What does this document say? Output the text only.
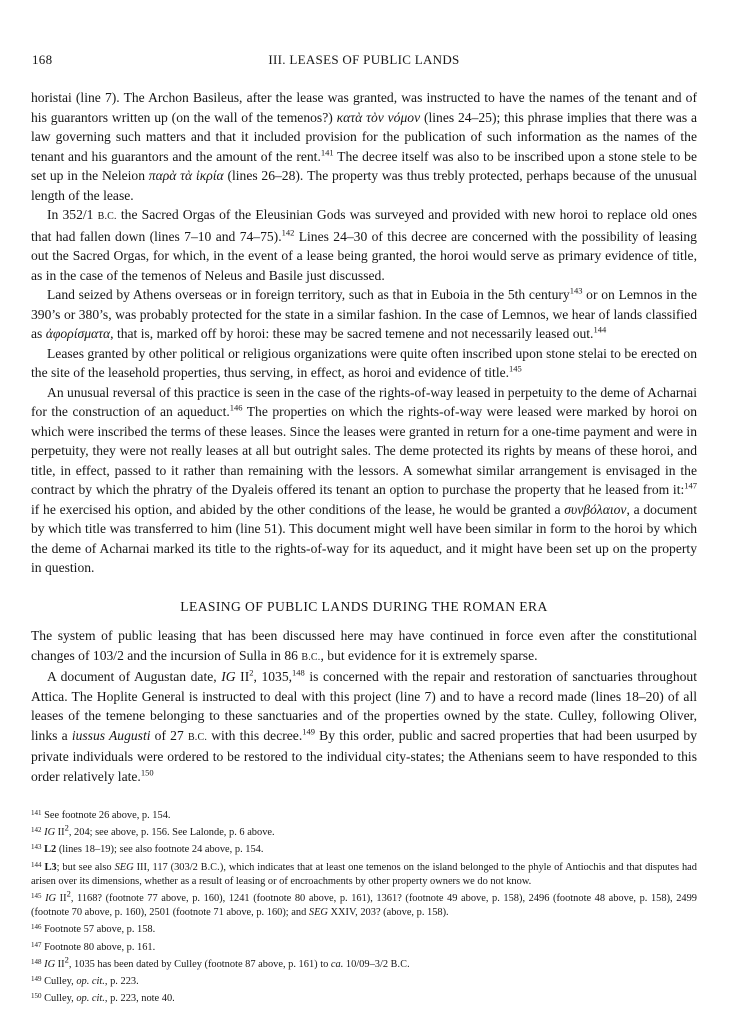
168	III. LEASES OF PUBLIC LANDS

horistai (line 7). The Archon Basileus, after the lease was granted, was instructed to have the names of the tenant and of his guarantors written up (on the wall of the temenos?) κατὰ τὸν νόμον (lines 24–25); this phrase implies that there was a law governing such matters and that it included provision for the publication of such information as the names of the tenant and his guarantors and the amount of the rent.$^{141}$ The decree itself was also to be inscribed upon a stone stele to be set up in the Neleion παρὰ τὰ ἰκρία (lines 26–28). The property was thus trebly protected, perhaps because of the unusual length of the lease.

In 352/1 B.C. the Sacred Orgas of the Eleusinian Gods was surveyed and provided with new horoi to replace old ones that had fallen down (lines 7–10 and 74–75).$^{142}$ Lines 24–30 of this decree are concerned with the possibility of leasing out the Sacred Orgas, for which, in the event of a lease being granted, the horoi would serve as primary evidence of title, as in the case of the temenos of Neleus and Basile just discussed.

Land seized by Athens overseas or in foreign territory, such as that in Euboia in the 5th century$^{143}$ or on Lemnos in the 390’s or 380’s, was probably protected for the state in a similar fashion. In the case of Lemnos, we hear of lands classified as ἀφορίσματα, that is, marked off by horoi: these may be sacred temene and not necessarily leased out.$^{144}$

Leases granted by other political or religious organizations were quite often inscribed upon stone stelai to be erected on the site of the leasehold properties, thus serving, in effect, as horoi and evidence of title.$^{145}$

An unusual reversal of this practice is seen in the case of the rights-of-way leased in perpetuity to the deme of Acharnai for the construction of an aqueduct.$^{146}$ The properties on which the rights-of-way were leased were marked by horoi on which were inscribed the terms of these leases. Since the leases were granted in return for a one-time payment and were in perpetuity, they were not really leases at all but outright sales. The deme protected its rights by means of these horoi, and title, in effect, passed to it rather than remaining with the lessors. A somewhat similar arrangement is envisaged in the contract by which the phratry of the Dyaleis offered its tenant an option to purchase the property that he leased from it:$^{147}$ if he exercised his option, and abided by the other conditions of the lease, he would be granted a συνβόλαιον, a document by which title was transferred to him (line 51). This document might well have been similar in form to the horoi by which the deme of Acharnai marked its title to the rights-of-way for its aqueduct, and it might have been set up on the property in question.

LEASING OF PUBLIC LANDS DURING THE ROMAN ERA

The system of public leasing that has been discussed here may have continued in force even after the constitutional changes of 103/2 and the incursion of Sulla in 86 B.C., but evidence for it is extremely sparse.

A document of Augustan date, IG $II^2$, 1035,$^{148}$ is concerned with the repair and restoration of sanctuaries throughout Attica. The Hoplite General is instructed to deal with this project (line 7) and to have a record made (lines 18–20) of all leases of the temene belonging to these sanctuaries and of the properties owned by the state. Culley, following Oliver, links a iussus Augusti of 27 B.C. with this decree.$^{149}$ By this order, public and sacred properties that had been usurped by private individuals were ordered to be restored to the individual city-states; the Athenians seem to have responded to this order relatively late.$^{150}$

$^{141}$ See footnote 26 above, p. 154.

$^{142}$ IG $II^2$, 204; see above, p. 156. See Lalonde, p. 6 above.

$^{143}$ L2 (lines 18–19); see also footnote 24 above, p. 154.

$^{144}$ L3; but see also SEG III, 117 (303/2 B.C.), which indicates that at least one temenos on the island belonged to the phyle of Antiochis and that disputes had arisen over its dimensions, whether as a result of leasing or of encroachments by other property owners we do not know.

$^{145}$ IG $II^2$, 1168? (footnote 77 above, p. 160), 1241 (footnote 80 above, p. 161), 1361? (footnote 49 above, p. 158), 2496 (footnote 48 above, p. 158), 2499 (footnote 70 above, p. 160), 2501 (footnote 71 above, p. 160); and SEG XXIV, 203? (above, p. 158).

$^{146}$ Footnote 57 above, p. 158.

$^{147}$ Footnote 80 above, p. 161.

$^{148}$ IG $II^2$, 1035 has been dated by Culley (footnote 87 above, p. 161) to ca. 10/09–3/2 B.C.

$^{149}$ Culley, op. cit., p. 223.

$^{150}$ Culley, op. cit., p. 223, note 40.
